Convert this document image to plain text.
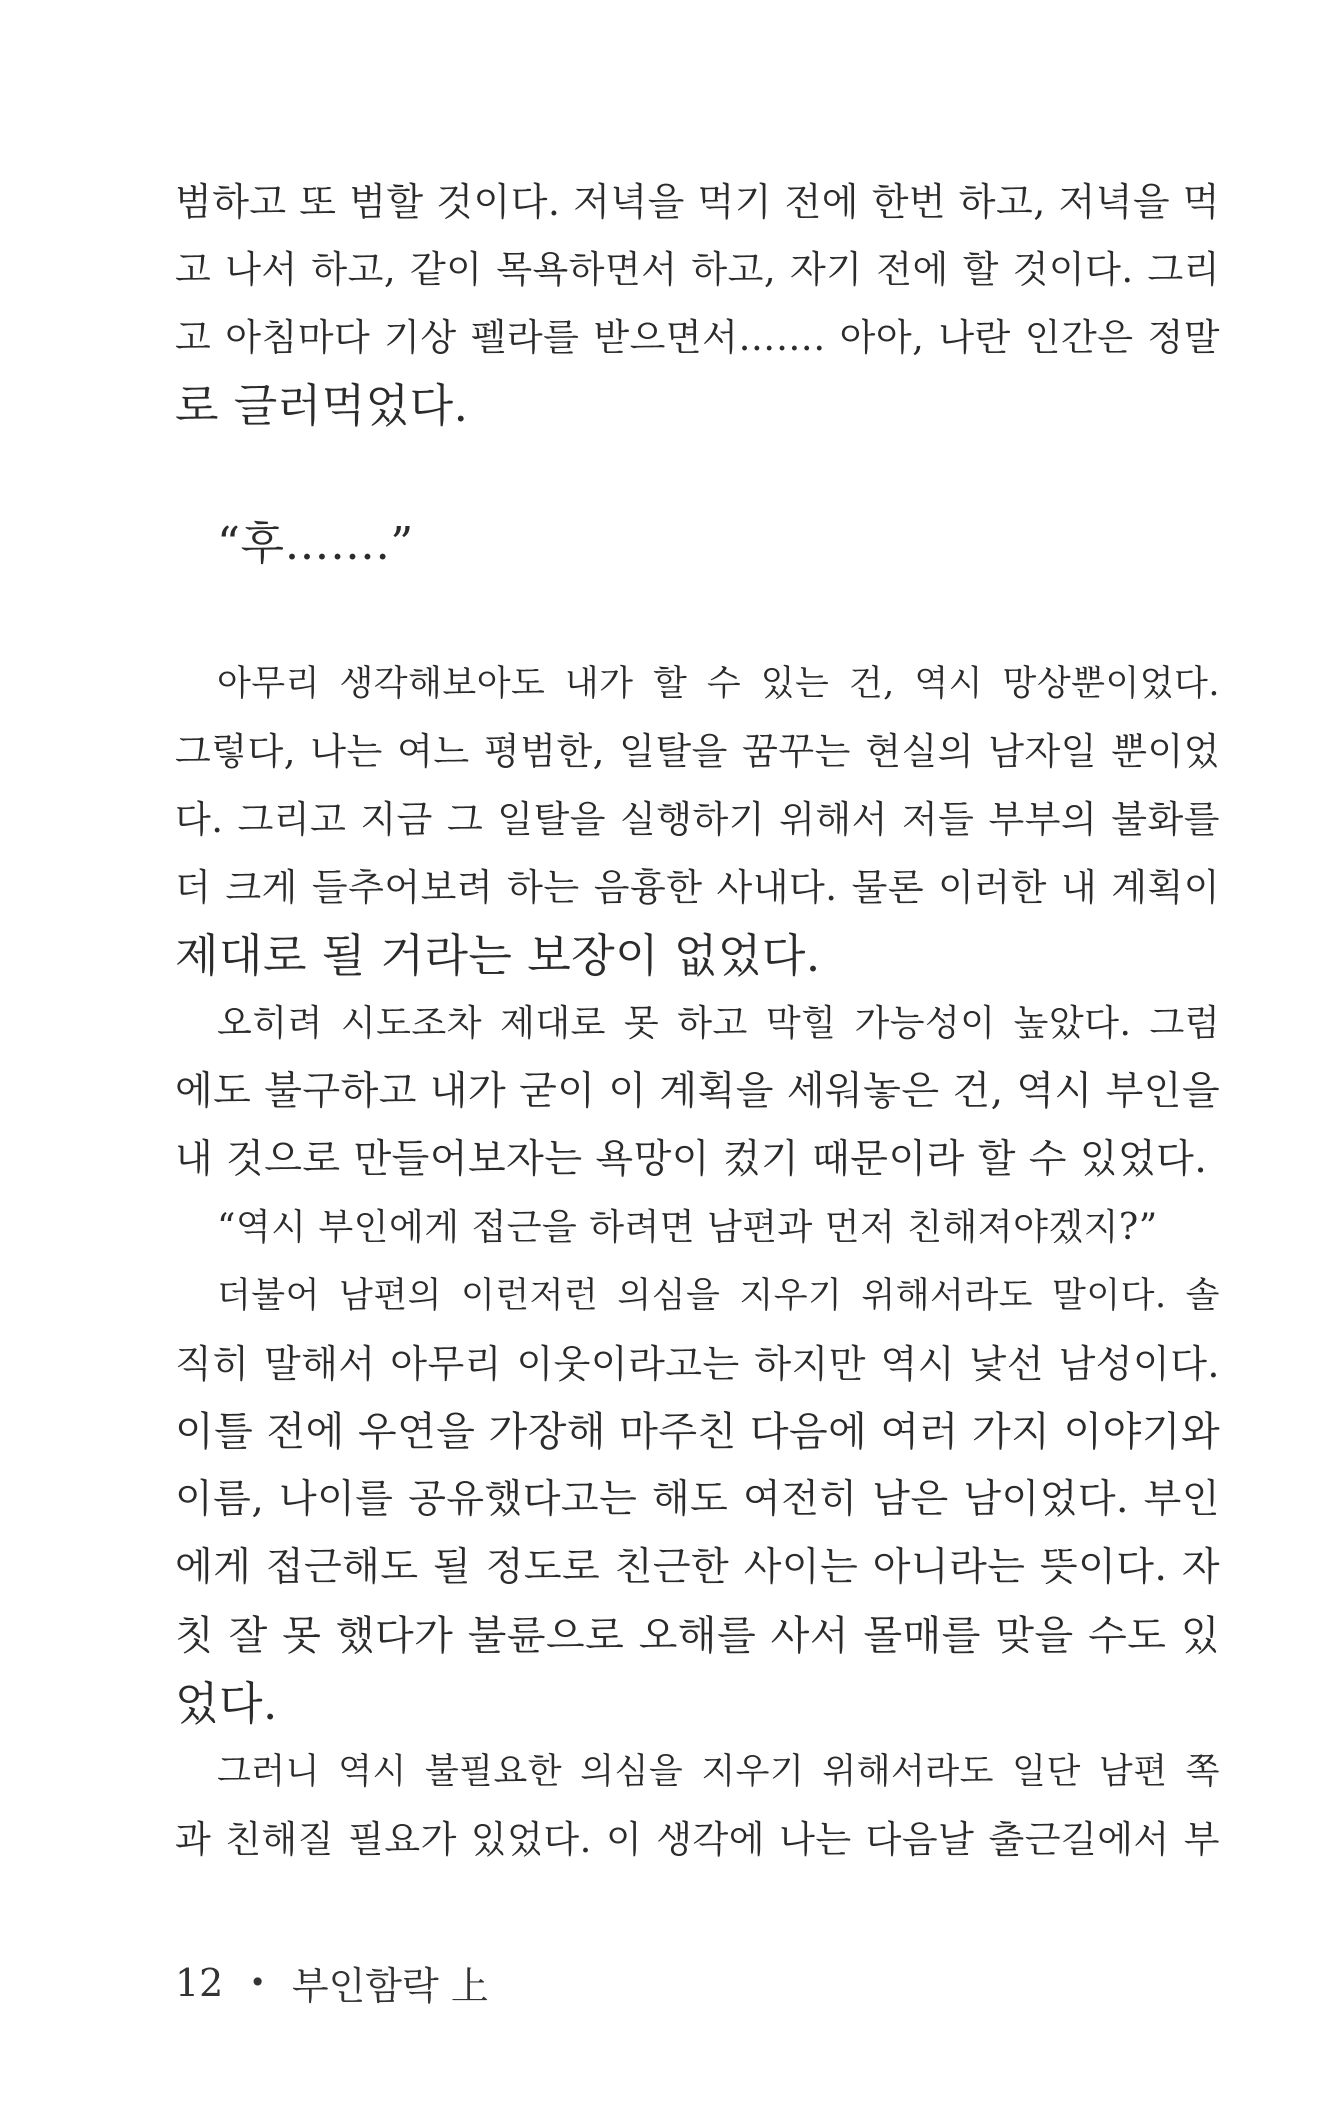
범하고 또 범할 것이다. 저녁을 먹기 전에 한번 하고, 저녁을 먹
고 나서 하고, 같이 목욕하면서 하고, 자기 전에 할 것이다. 그리
고 아침마다 기상 펠라를 받으면서……. 아아, 나란 인간은 정말
로 글러먹었다.
“후…….”
아무리 생각해보아도 내가 할 수 있는 건, 역시 망상뿐이었다.
그렇다, 나는 여느 평범한, 일탈을 꿈꾸는 현실의 남자일 뿐이었
다. 그리고 지금 그 일탈을 실행하기 위해서 저들 부부의 불화를
더 크게 들추어보려 하는 음흉한 사내다. 물론 이러한 내 계획이
제대로 될 거라는 보장이 없었다.
오히려 시도조차 제대로 못 하고 막힐 가능성이 높았다. 그럼
에도 불구하고 내가 굳이 이 계획을 세워놓은 건, 역시 부인을
내 것으로 만들어보자는 욕망이 컸기 때문이라 할 수 있었다.
“역시 부인에게 접근을 하려면 남편과 먼저 친해져야겠지?”
더불어 남편의 이런저런 의심을 지우기 위해서라도 말이다. 솔
직히 말해서 아무리 이웃이라고는 하지만 역시 낯선 남성이다.
이틀 전에 우연을 가장해 마주친 다음에 여러 가지 이야기와
이름, 나이를 공유했다고는 해도 여전히 남은 남이었다. 부인
에게 접근해도 될 정도로 친근한 사이는 아니라는 뜻이다. 자
칫 잘 못 했다가 불륜으로 오해를 사서 몰매를 맞을 수도 있
었다.
그러니 역시 불필요한 의심을 지우기 위해서라도 일단 남편 쪽
과 친해질 필요가 있었다. 이 생각에 나는 다음날 출근길에서 부
12 • 부인함락 上
